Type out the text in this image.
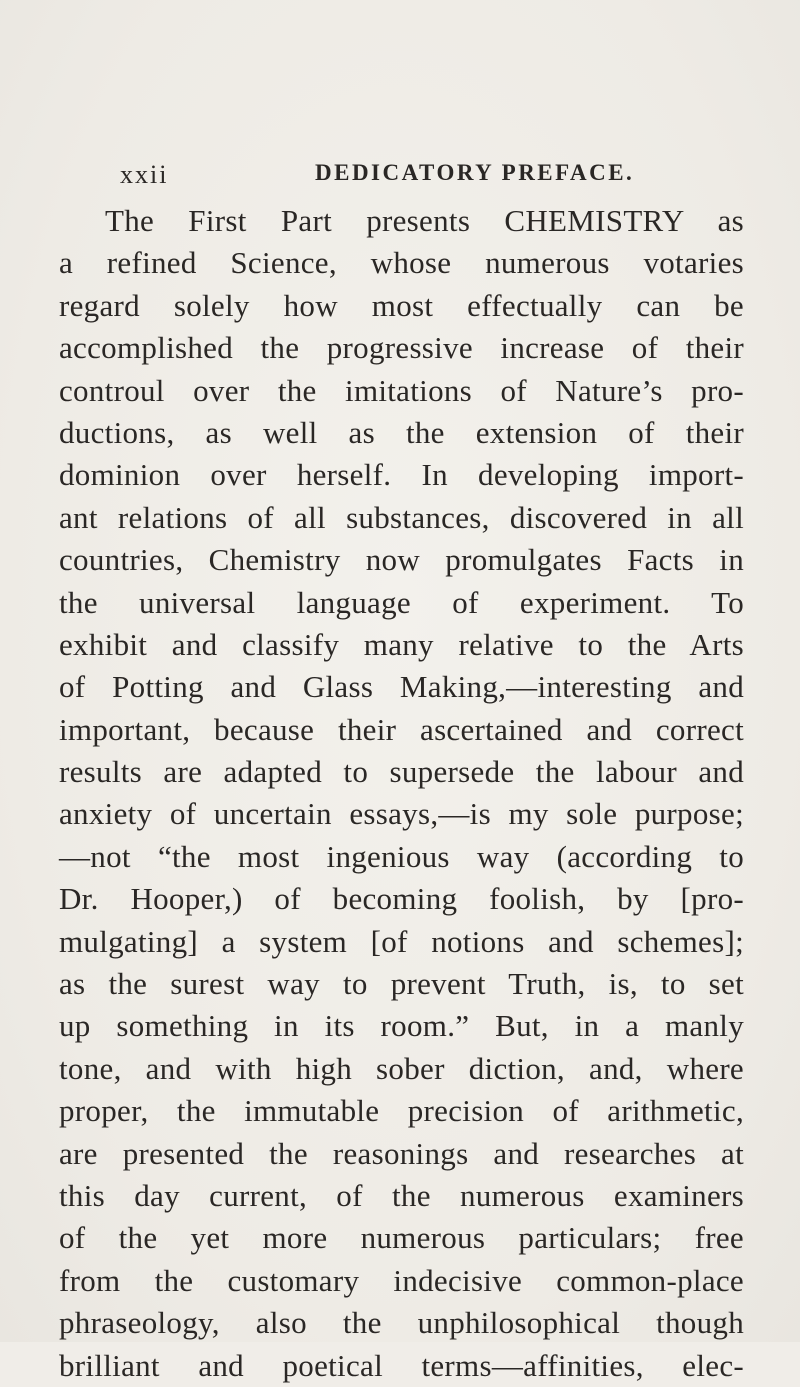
xxii	DEDICATORY PREFACE.
The First Part presents CHEMISTRY as
a refined Science, whose numerous votaries
regard solely how most effectually can be
accomplished the progressive increase of their
controul over the imitations of Nature’s pro-
ductions, as well as the extension of their
dominion over herself. In developing import-
ant relations of all substances, discovered in all
countries, Chemistry now promulgates Facts in
the universal language of experiment. To
exhibit and classify many relative to the Arts
of Potting and Glass Making,—interesting and
important, because their ascertained and correct
results are adapted to supersede the labour and
anxiety of uncertain essays,—is my sole purpose;
—not “the most ingenious way (according to
Dr. Hooper,) of becoming foolish, by [pro-
mulgating] a system [of notions and schemes];
as the surest way to prevent Truth, is, to set
up something in its room.” But, in a manly
tone, and with high sober diction, and, where
proper, the immutable precision of arithmetic,
are presented the reasonings and researches at
this day current, of the numerous examiners
of the yet more numerous particulars; free
from the customary indecisive common-place
phraseology, also the unphilosophical though
brilliant and poetical terms—affinities, elec-
